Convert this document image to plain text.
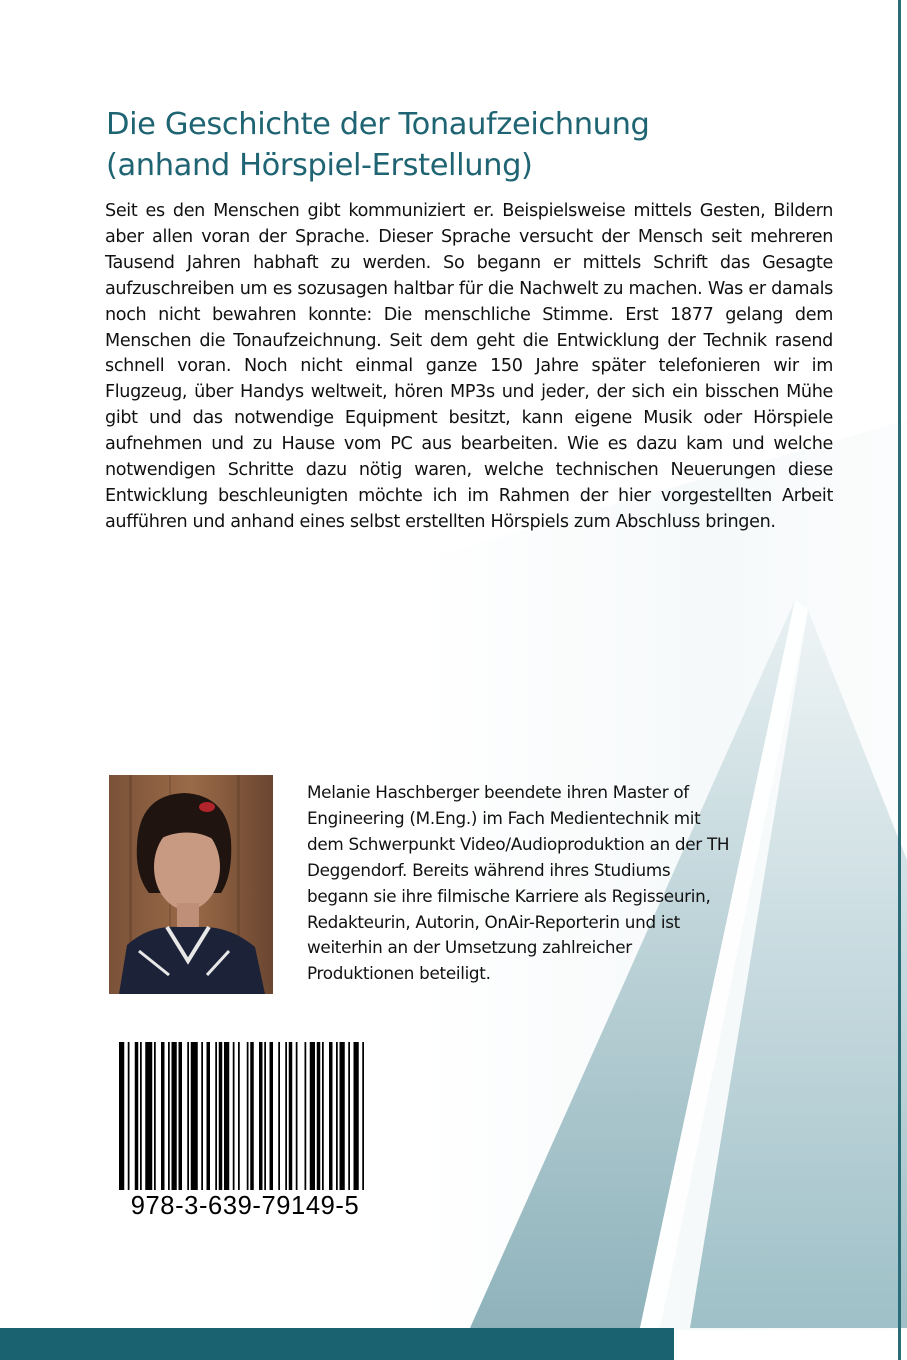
Die Geschichte der Tonaufzeichnung
(anhand Hörspiel-Erstellung)

Seit es den Menschen gibt kommuniziert er. Beispielsweise mittels Gesten, Bildern aber allen voran der Sprache. Dieser Sprache versucht der Mensch seit mehreren Tausend Jahren habhaft zu werden. So begann er mittels Schrift das Gesagte aufzuschreiben um es sozusagen haltbar für die Nachwelt zu machen. Was er damals noch nicht bewahren konnte: Die menschliche Stimme. Erst 1877 gelang dem Menschen die Tonaufzeichnung. Seit dem geht die Entwicklung der Technik rasend schnell voran. Noch nicht einmal ganze 150 Jahre später telefonieren wir im Flugzeug, über Handys weltweit, hören MP3s und jeder, der sich ein bisschen Mühe gibt und das notwendige Equipment besitzt, kann eigene Musik oder Hörspiele aufnehmen und zu Hause vom PC aus bearbeiten. Wie es dazu kam und welche notwendigen Schritte dazu nötig waren, welche technischen Neuerungen diese Entwicklung beschleunigten möchte ich im Rahmen der hier vorgestellten Arbeit aufführen und anhand eines selbst erstellten Hörspiels zum Abschluss bringen.

Melanie Haschberger beendete ihren Master of
Engineering (M.Eng.) im Fach Medientechnik mit
dem Schwerpunkt Video/Audioproduktion an der TH
Deggendorf. Bereits während ihres Studiums
begann sie ihre filmische Karriere als Regisseurin,
Redakteurin, Autorin, OnAir-Reporterin und ist
weiterhin an der Umsetzung zahlreicher
Produktionen beteiligt.

978-3-639-79149-5
